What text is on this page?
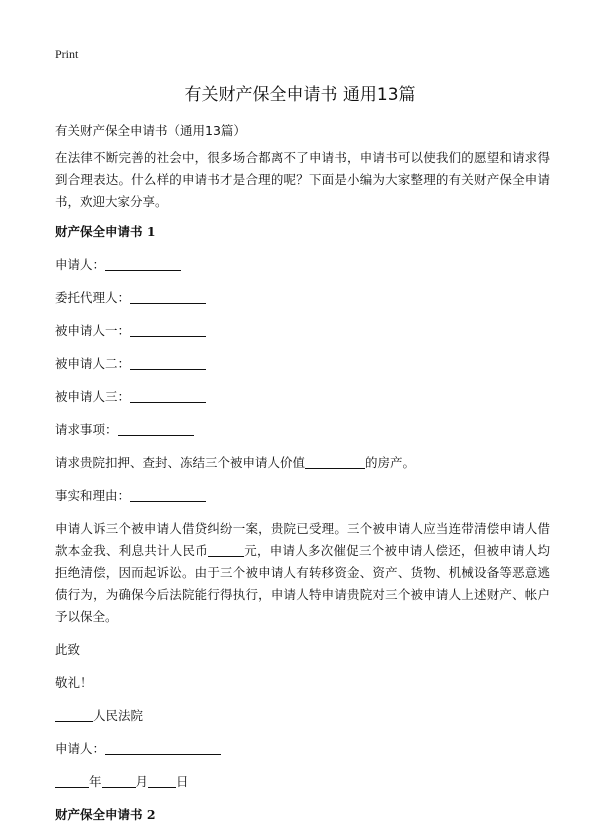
Print
有关财产保全申请书 通用13篇

有关财产保全申请书（通用13篇）

在法律不断完善的社会中，很多场合都离不了申请书，申请书可以使我们的愿望和请求得到合理表达。什么样的申请书才是合理的呢？下面是小编为大家整理的有关财产保全申请书，欢迎大家分享。

财产保全申请书 1

申请人：

委托代理人：

被申请人一：

被申请人二：

被申请人三：

请求事项：

请求贵院扣押、查封、冻结三个被申请人价值	的房产。

事实和理由：

申请人诉三个被申请人借贷纠纷一案，贵院已受理。三个被申请人应当连带清偿申请人借款本金我、利息共计人民币	元，申请人多次催促三个被申请人偿还，但被申请人均拒绝清偿，因而起诉讼。由于三个被申请人有转移资金、资产、货物、机械设备等恶意逃债行为，为确保今后法院能行得执行，申请人特申请贵院对三个被申请人上述财产、帐户予以保全。

此致

敬礼！

人民法院

申请人：

年	月 日

财产保全申请书 2
